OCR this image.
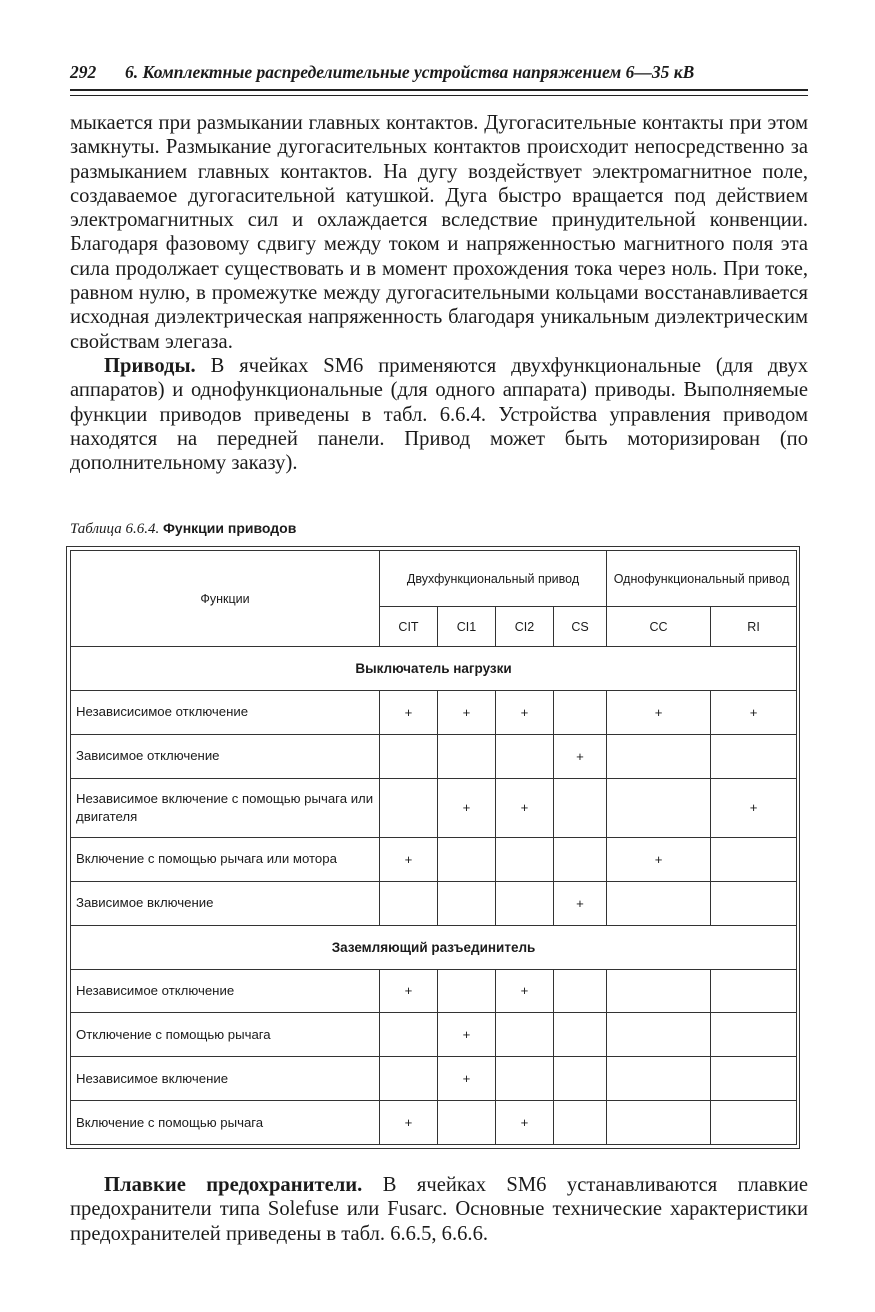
292	6. Комплектные распределительные устройства напряжением 6—35 кВ

мыкается при размыкании главных контактов. Дугогасительные контакты при этом замкнуты. Размыкание дугогасительных контактов происходит непосредственно за размыканием главных контактов. На дугу воздействует электромагнитное поле, создаваемое дугогасительной катушкой. Дуга быстро вращается под действием электромагнитных сил и охлаждается вследствие принудительной конвенции. Благодаря фазовому сдвигу между током и напряженностью магнитного поля эта сила продолжает существовать и в момент прохождения тока через ноль. При токе, равном нулю, в промежутке между дугогасительными кольцами восстанавливается исходная диэлектрическая напряженность благодаря уникальным диэлектрическим свойствам элегаза.

Приводы. В ячейках SM6 применяются двухфункциональные (для двух аппаратов) и однофункциональные (для одного аппарата) приводы. Выполняемые функции приводов приведены в табл. 6.6.4. Устройства управления приводом находятся на передней панели. Привод может быть моторизирован (по дополнительному заказу).

Таблица 6.6.4. Функции приводов
Функции	Двухфункциональный привод				Однофункциональный привод	
	CIT	CI1	CI2	CS	CC	RI
Выключатель нагрузки						
Независисимое отключение	+	+	+		+	+
Зависимое отключение				+		
Независимое включение с помощью рычага или двигателя		+	+			+
Включение с помощью рычага или мотора	+				+	
Зависимое включение				+		
Заземляющий разъединитель						
Независимое отключение	+		+			
Отключение с помощью рычага		+				
Независимое включение		+				
Включение с помощью рычага	+		+			

Плавкие предохранители. В ячейках SM6 устанавливаются плавкие предохранители типа Solefuse или Fusarc. Основные технические характеристики предохранителей приведены в табл. 6.6.5, 6.6.6.
